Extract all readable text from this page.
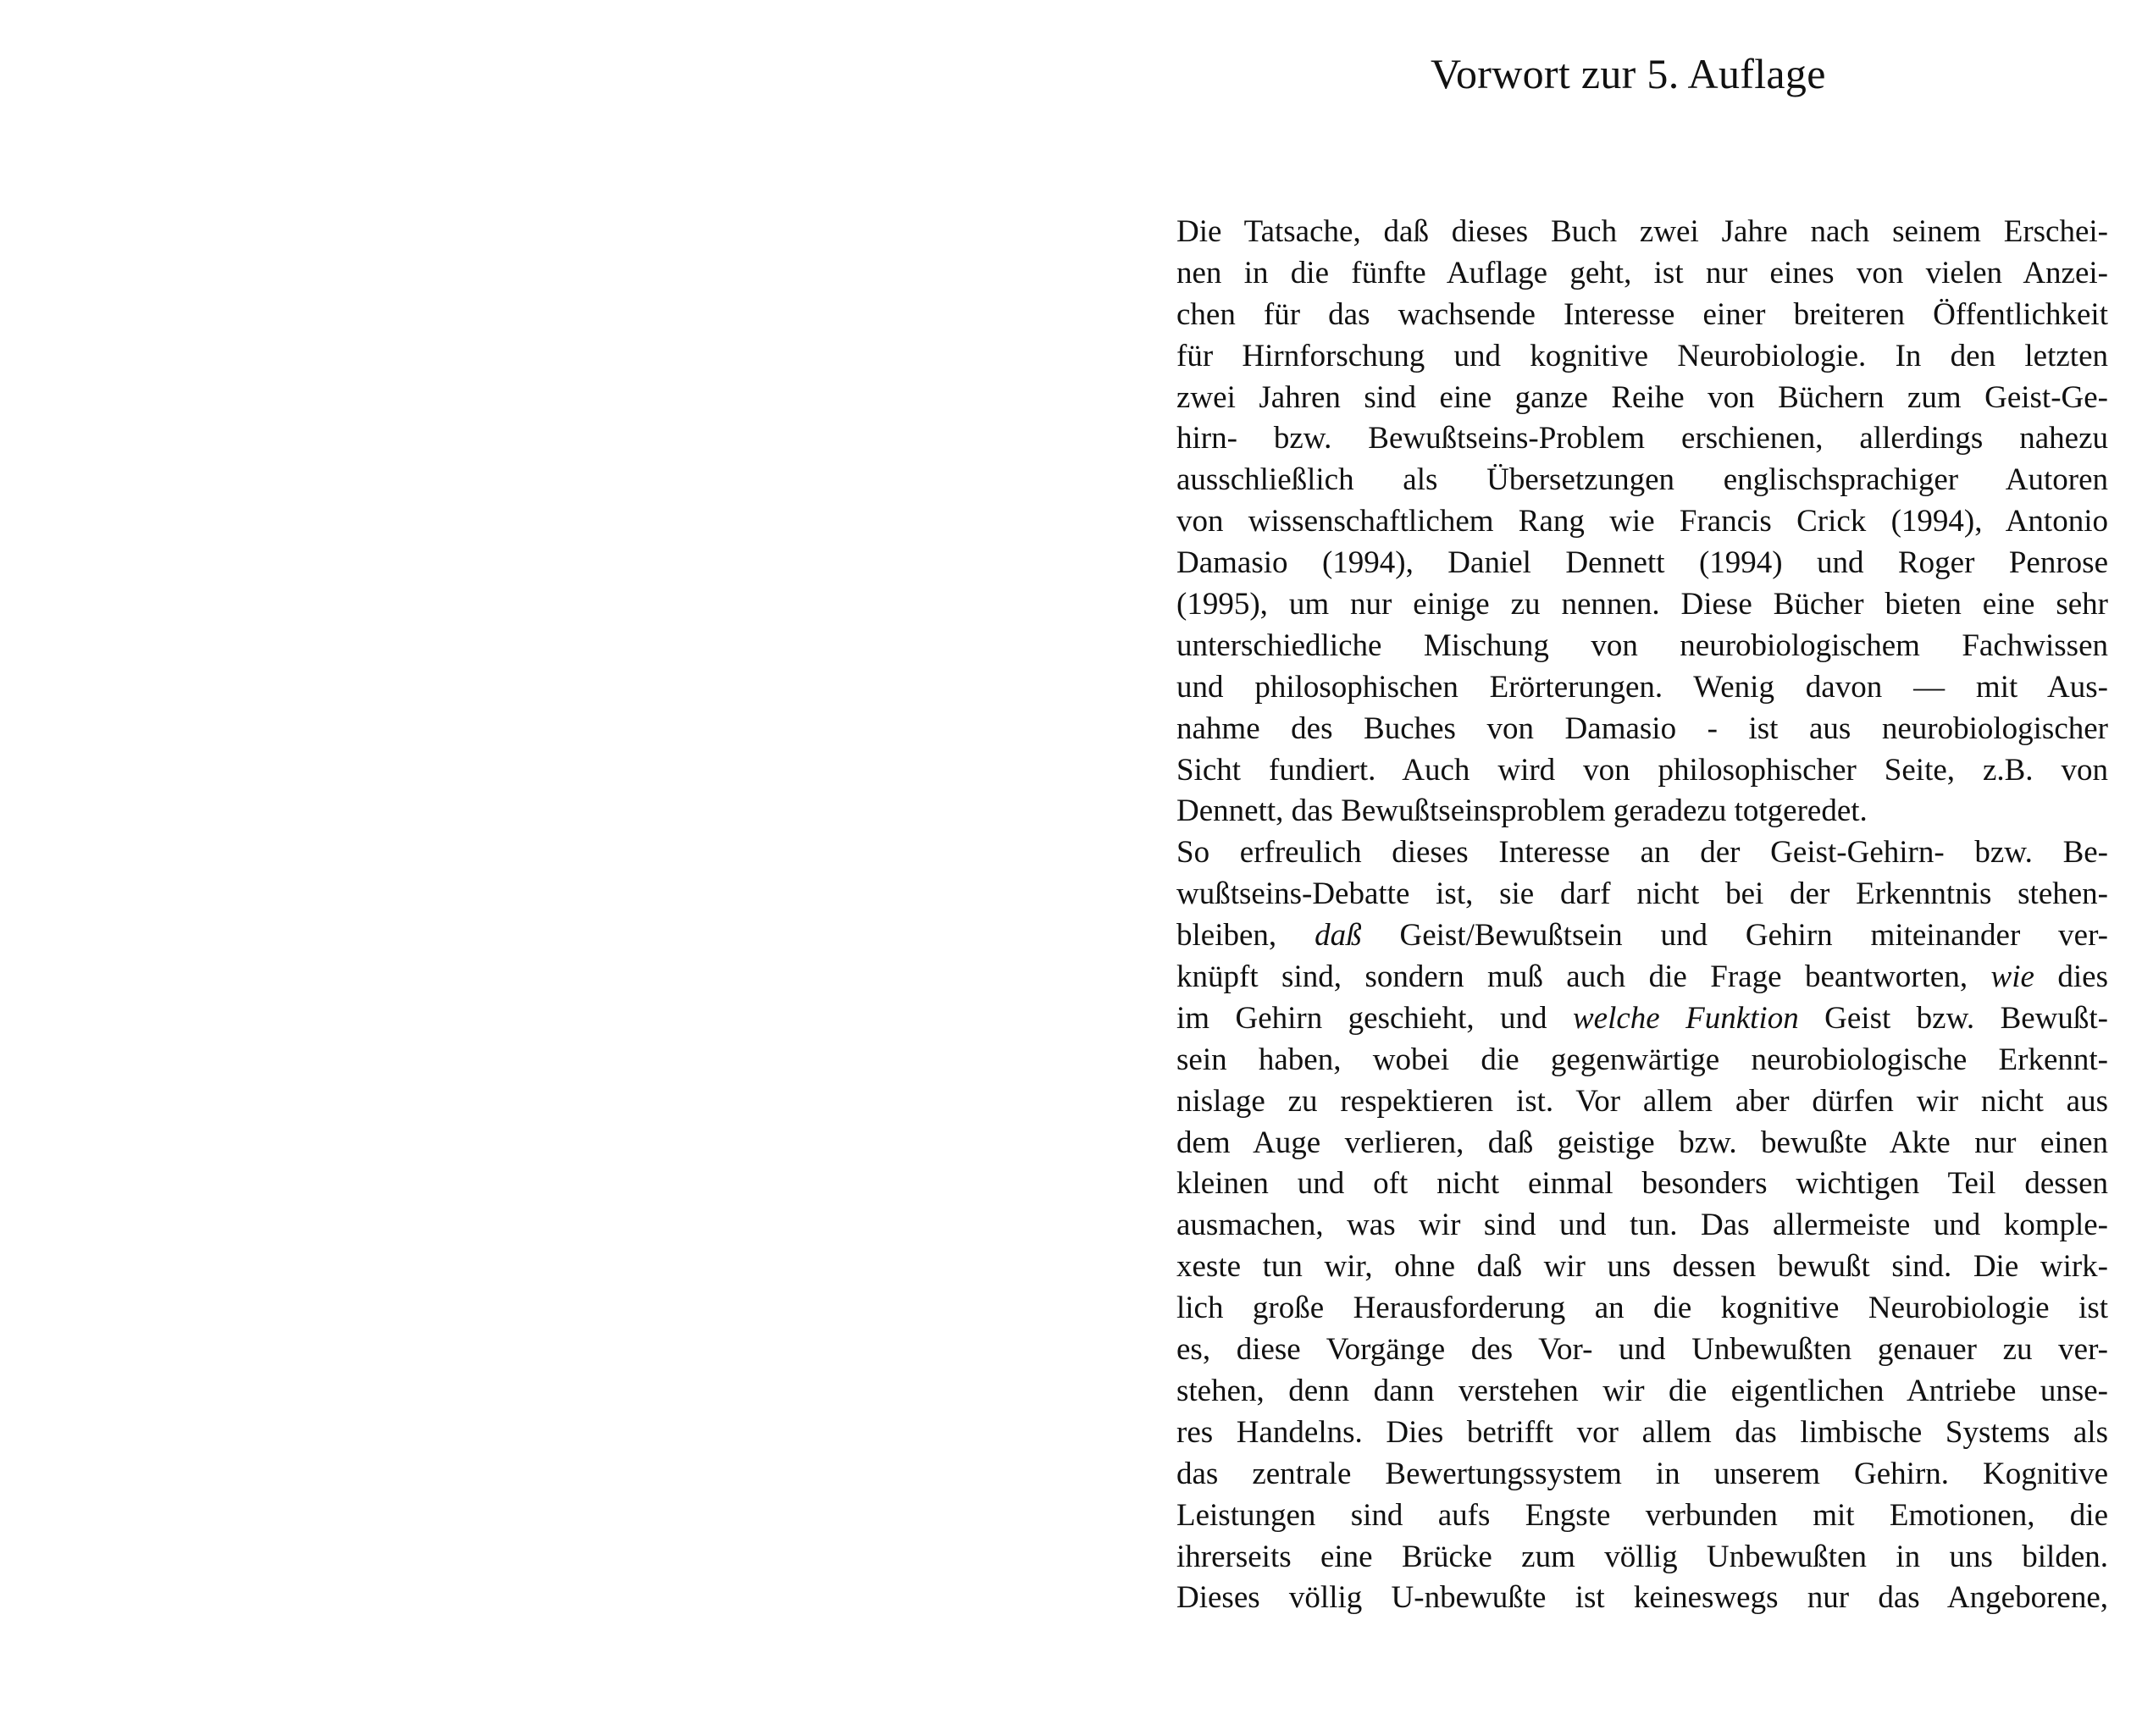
Vorwort zur 5. Auflage
Die Tatsache, daß dieses Buch zwei Jahre nach seinem Erschei-
nen in die fünfte Auflage geht, ist nur eines von vielen Anzei-
chen für das wachsende Interesse einer breiteren Öffentlichkeit
für Hirnforschung und kognitive Neurobiologie. In den letzten
zwei Jahren sind eine ganze Reihe von Büchern zum Geist-Ge-
hirn- bzw. Bewußtseins-Problem erschienen, allerdings nahezu
ausschließlich als Übersetzungen englischsprachiger Autoren
von wissenschaftlichem Rang wie Francis Crick (1994), Antonio
Damasio (1994), Daniel Dennett (1994) und Roger Penrose
(1995), um nur einige zu nennen. Diese Bücher bieten eine sehr
unterschiedliche Mischung von neurobiologischem Fachwissen
und philosophischen Erörterungen. Wenig davon — mit Aus-
nahme des Buches von Damasio - ist aus neurobiologischer
Sicht fundiert. Auch wird von philosophischer Seite, z.B. von
Dennett, das Bewußtseinsproblem geradezu totgeredet.
So erfreulich dieses Interesse an der Geist-Gehirn- bzw. Be-
wußtseins-Debatte ist, sie darf nicht bei der Erkenntnis stehen-
bleiben, daß Geist/Bewußtsein und Gehirn miteinander ver-
knüpft sind, sondern muß auch die Frage beantworten, wie dies
im Gehirn geschieht, und welche Funktion Geist bzw. Bewußt-
sein haben, wobei die gegenwärtige neurobiologische Erkennt-
nislage zu respektieren ist. Vor allem aber dürfen wir nicht aus
dem Auge verlieren, daß geistige bzw. bewußte Akte nur einen
kleinen und oft nicht einmal besonders wichtigen Teil dessen
ausmachen, was wir sind und tun. Das allermeiste und komple-
xeste tun wir, ohne daß wir uns dessen bewußt sind. Die wirk-
lich große Herausforderung an die kognitive Neurobiologie ist
es, diese Vorgänge des Vor- und Unbewußten genauer zu ver-
stehen, denn dann verstehen wir die eigentlichen Antriebe unse-
res Handelns. Dies betrifft vor allem das limbische Systems als
das zentrale Bewertungssystem in unserem Gehirn. Kognitive
Leistungen sind aufs Engste verbunden mit Emotionen, die
ihrerseits eine Brücke zum völlig Unbewußten in uns bilden.
Dieses völlig U-nbewußte ist keineswegs nur das Angeborene,
